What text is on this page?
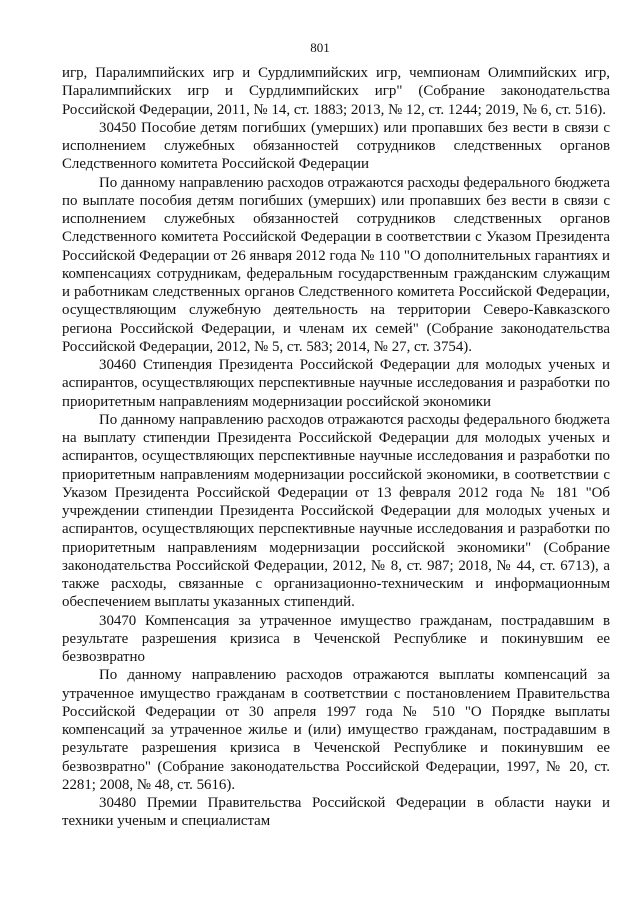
801

игр, Паралимпийских игр и Сурдлимпийских игр, чемпионам Олимпийских игр, Паралимпийских игр и Сурдлимпийских игр" (Собрание законодательства Российской Федерации, 2011, № 14, ст. 1883; 2013, № 12, ст. 1244; 2019, № 6, ст. 516).

30450 Пособие детям погибших (умерших) или пропавших без вести в связи с исполнением служебных обязанностей сотрудников следственных органов Следственного комитета Российской Федерации

По данному направлению расходов отражаются расходы федерального бюджета по выплате пособия детям погибших (умерших) или пропавших без вести в связи с исполнением служебных обязанностей сотрудников следственных органов Следственного комитета Российской Федерации в соответствии с Указом Президента Российской Федерации от 26 января 2012 года № 110 "О дополнительных гарантиях и компенсациях сотрудникам, федеральным государственным гражданским служащим и работникам следственных органов Следственного комитета Российской Федерации, осуществляющим служебную деятельность на территории Северо-Кавказского региона Российской Федерации, и членам их семей" (Собрание законодательства Российской Федерации, 2012, № 5, ст. 583; 2014, № 27, ст. 3754).

30460 Стипендия Президента Российской Федерации для молодых ученых и аспирантов, осуществляющих перспективные научные исследования и разработки по приоритетным направлениям модернизации российской экономики

По данному направлению расходов отражаются расходы федерального бюджета на выплату стипендии Президента Российской Федерации для молодых ученых и аспирантов, осуществляющих перспективные научные исследования и разработки по приоритетным направлениям модернизации российской экономики, в соответствии с Указом Президента Российской Федерации от 13 февраля 2012 года № 181 "Об учреждении стипендии Президента Российской Федерации для молодых ученых и аспирантов, осуществляющих перспективные научные исследования и разработки по приоритетным направлениям модернизации российской экономики" (Собрание законодательства Российской Федерации, 2012, № 8, ст. 987; 2018, № 44, ст. 6713), а также расходы, связанные с организационно-техническим и информационным обеспечением выплаты указанных стипендий.

30470 Компенсация за утраченное имущество гражданам, пострадавшим в результате разрешения кризиса в Чеченской Республике и покинувшим ее безвозвратно

По данному направлению расходов отражаются выплаты компенсаций за утраченное имущество гражданам в соответствии с постановлением Правительства Российской Федерации от 30 апреля 1997 года № 510 "О Порядке выплаты компенсаций за утраченное жилье и (или) имущество гражданам, пострадавшим в результате разрешения кризиса в Чеченской Республике и покинувшим ее безвозвратно" (Собрание законодательства Российской Федерации, 1997, № 20, ст. 2281; 2008, № 48, ст. 5616).

30480 Премии Правительства Российской Федерации в области науки и техники ученым и специалистам
